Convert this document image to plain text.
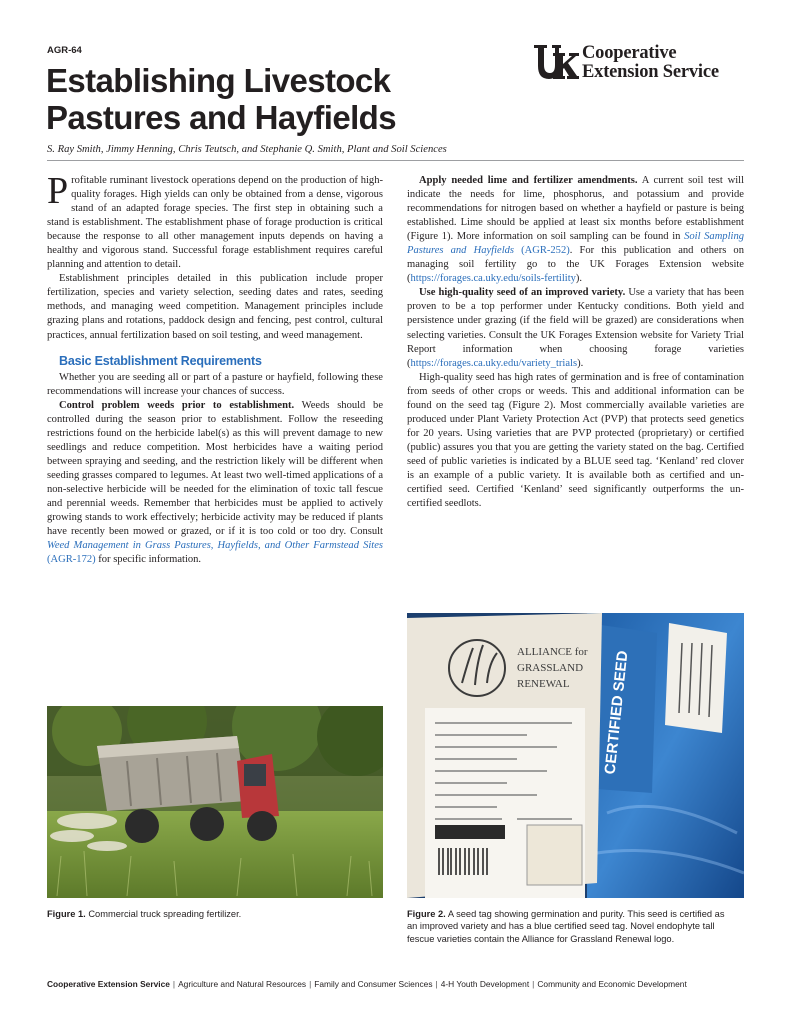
AGR-64
Establishing Livestock
Pastures and Hayfields
Cooperative
Extension Service
S. Ray Smith, Jimmy Henning, Chris Teutsch, and Stephanie Q. Smith, Plant and Soil Sciences

Profitable ruminant livestock operations depend on the production of high-quality forages. High yields can only be obtained from a dense, vigorous stand of an adapted forage species. The first step in obtaining such a stand is establishment. The establishment phase of forage production is critical because the response to all other management inputs depends on having a healthy and vigorous stand. Successful forage establishment requires careful planning and attention to detail.

Establishment principles detailed in this publication include proper fertilization, species and variety selection, seeding dates and rates, seeding methods, and managing weed competition. Management principles include grazing plans and rotations, paddock design and fencing, pest control, cultural practices, annual fertilization based on soil testing, and weed management.

Basic Establishment Requirements

Whether you are seeding all or part of a pasture or hayfield, following these recommendations will increase your chances of success.

Control problem weeds prior to establishment. Weeds should be controlled during the season prior to establishment. Follow the reseeding restrictions found on the herbicide label(s) as this will prevent damage to new seedlings and reduce competition. Most herbicides have a waiting period between spraying and seeding, and the restriction likely will be different when seeding grasses compared to legumes. At least two well-timed applications of a non-selective herbicide will be needed for the elimination of toxic tall fescue and perennial weeds. Remember that herbicides must be applied to actively growing stands to work effectively; herbicide activity may be reduced if plants have recently been mowed or grazed, or if it is too cold or too dry. Consult Weed Management in Grass Pastures, Hayfields, and Other Farmstead Sites (AGR-172) for specific information.

Apply needed lime and fertilizer amendments. A current soil test will indicate the needs for lime, phosphorus, and potassium and provide recommendations for nitrogen based on whether a hayfield or pasture is being established. Lime should be applied at least six months before establishment (Figure 1). More information on soil sampling can be found in Soil Sampling Pastures and Hayfields (AGR-252). For this publication and others on managing soil fertility go to the UK Forages Extension website (https://forages.ca.uky.edu/soils-fertility).

Use high-quality seed of an improved variety. Use a variety that has been proven to be a top performer under Kentucky conditions. Both yield and persistence under grazing (if the field will be grazed) are considerations when selecting varieties. Consult the UK Forages Extension website for Variety Trial Report information when choosing forage varieties (https://forages.ca.uky.edu/variety_trials).

High-quality seed has high rates of germination and is free of contamination from seeds of other crops or weeds. This and additional information can be found on the seed tag (Figure 2). Most commercially available varieties are produced under Plant Variety Protection Act (PVP) that protects seed genetics for 20 years. Using varieties that are PVP protected (proprietary) or certified (public) assures you that you are getting the variety stated on the bag. Certified seed of public varieties is indicated by a BLUE seed tag. ‘Kenland’ red clover is an example of a public variety. It is available both as certified and un-certified seed. Certified ‘Kenland’ seed significantly outperforms the un-certified seedlots.

CERTIFIED SEED
ALLIANCE for
GRASSLAND
RENEWAL
Figure 1. Commercial truck spreading fertilizer.	Figure 2. A seed tag showing germination and purity. This seed is certified as an improved variety and has a blue certified seed tag. Novel endophyte tall fescue varieties contain the Alliance for Grassland Renewal logo.
Cooperative Extension Service | Agriculture and Natural Resources | Family and Consumer Sciences | 4-H Youth Development | Community and Economic Development
